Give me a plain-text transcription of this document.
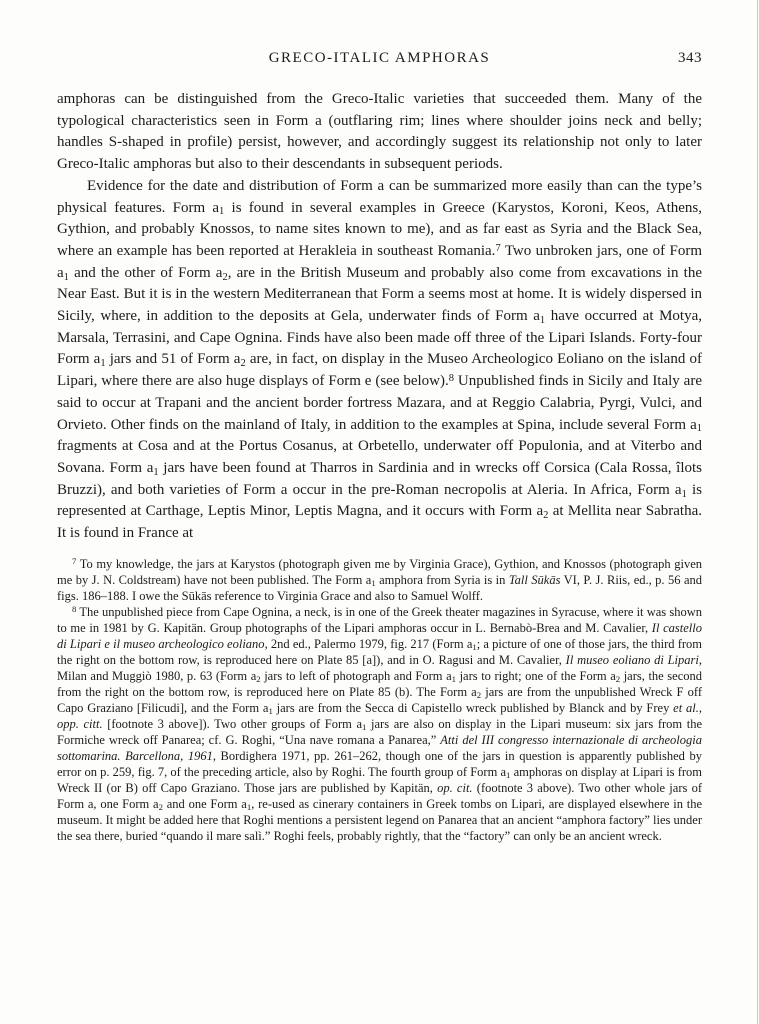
GRECO-ITALIC AMPHORAS	343

amphoras can be distinguished from the Greco-Italic varieties that succeeded them. Many of the typological characteristics seen in Form a (outflaring rim; lines where shoulder joins neck and belly; handles S-shaped in profile) persist, however, and accordingly suggest its relationship not only to later Greco-Italic amphoras but also to their descendants in subsequent periods.

Evidence for the date and distribution of Form a can be summarized more easily than can the type’s physical features. Form a1 is found in several examples in Greece (Karystos, Koroni, Keos, Athens, Gythion, and probably Knossos, to name sites known to me), and as far east as Syria and the Black Sea, where an example has been reported at Herakleia in southeast Romania.$^7$ Two unbroken jars, one of Form a1 and the other of Form a2, are in the British Museum and probably also come from excavations in the Near East. But it is in the western Mediterranean that Form a seems most at home. It is widely dispersed in Sicily, where, in addition to the deposits at Gela, underwater finds of Form a1 have occurred at Motya, Marsala, Terrasini, and Cape Ognina. Finds have also been made off three of the Lipari Islands. Forty-four Form a1 jars and 51 of Form a2 are, in fact, on display in the Museo Archeologico Eoliano on the island of Lipari, where there are also huge displays of Form e (see below).$^8$ Unpublished finds in Sicily and Italy are said to occur at Trapani and the ancient border fortress Mazara, and at Reggio Calabria, Pyrgi, Vulci, and Orvieto. Other finds on the mainland of Italy, in addition to the examples at Spina, include several Form a1 fragments at Cosa and at the Portus Cosanus, at Orbetello, underwater off Populonia, and at Viterbo and Sovana. Form a1 jars have been found at Tharros in Sardinia and in wrecks off Corsica (Cala Rossa, îlots Bruzzi), and both varieties of Form a occur in the pre-Roman necropolis at Aleria. In Africa, Form a1 is represented at Carthage, Leptis Minor, Leptis Magna, and it occurs with Form a2 at Mellita near Sabratha. It is found in France at

$^7$ To my knowledge, the jars at Karystos (photograph given me by Virginia Grace), Gythion, and Knossos (photograph given me by J. N. Coldstream) have not been published. The Form a1 amphora from Syria is in Tall Sūkās VI, P. J. Riis, ed., p. 56 and figs. 186–188. I owe the Sūkās reference to Virginia Grace and also to Samuel Wolff.

$^8$ The unpublished piece from Cape Ognina, a neck, is in one of the Greek theater magazines in Syracuse, where it was shown to me in 1981 by G. Kapitän. Group photographs of the Lipari amphoras occur in L. Bernabò-Brea and M. Cavalier, Il castello di Lipari e il museo archeologico eoliano, 2nd ed., Palermo 1979, fig. 217 (Form a1; a picture of one of those jars, the third from the right on the bottom row, is reproduced here on Plate 85 [a]), and in O. Ragusi and M. Cavalier, Il museo eoliano di Lipari, Milan and Muggiò 1980, p. 63 (Form a2 jars to left of photograph and Form a1 jars to right; one of the Form a2 jars, the second from the right on the bottom row, is reproduced here on Plate 85 (b). The Form a2 jars are from the unpublished Wreck F off Capo Graziano [Filicudi], and the Form a1 jars are from the Secca di Capistello wreck published by Blanck and by Frey et al., opp. citt. [footnote 3 above]). Two other groups of Form a1 jars are also on display in the Lipari museum: six jars from the Formiche wreck off Panarea; cf. G. Roghi, “Una nave romana a Panarea,” Atti del III congresso internazionale di archeologia sottomarina. Barcellona, 1961, Bordighera 1971, pp. 261–262, though one of the jars in question is apparently published by error on p. 259, fig. 7, of the preceding article, also by Roghi. The fourth group of Form a1 amphoras on display at Lipari is from Wreck II (or B) off Capo Graziano. Those jars are published by Kapitän, op. cit. (footnote 3 above). Two other whole jars of Form a, one Form a2 and one Form a1, re-used as cinerary containers in Greek tombs on Lipari, are displayed elsewhere in the museum. It might be added here that Roghi mentions a persistent legend on Panarea that an ancient “amphora factory” lies under the sea there, buried “quando il mare salì.” Roghi feels, probably rightly, that the “factory” can only be an ancient wreck.
